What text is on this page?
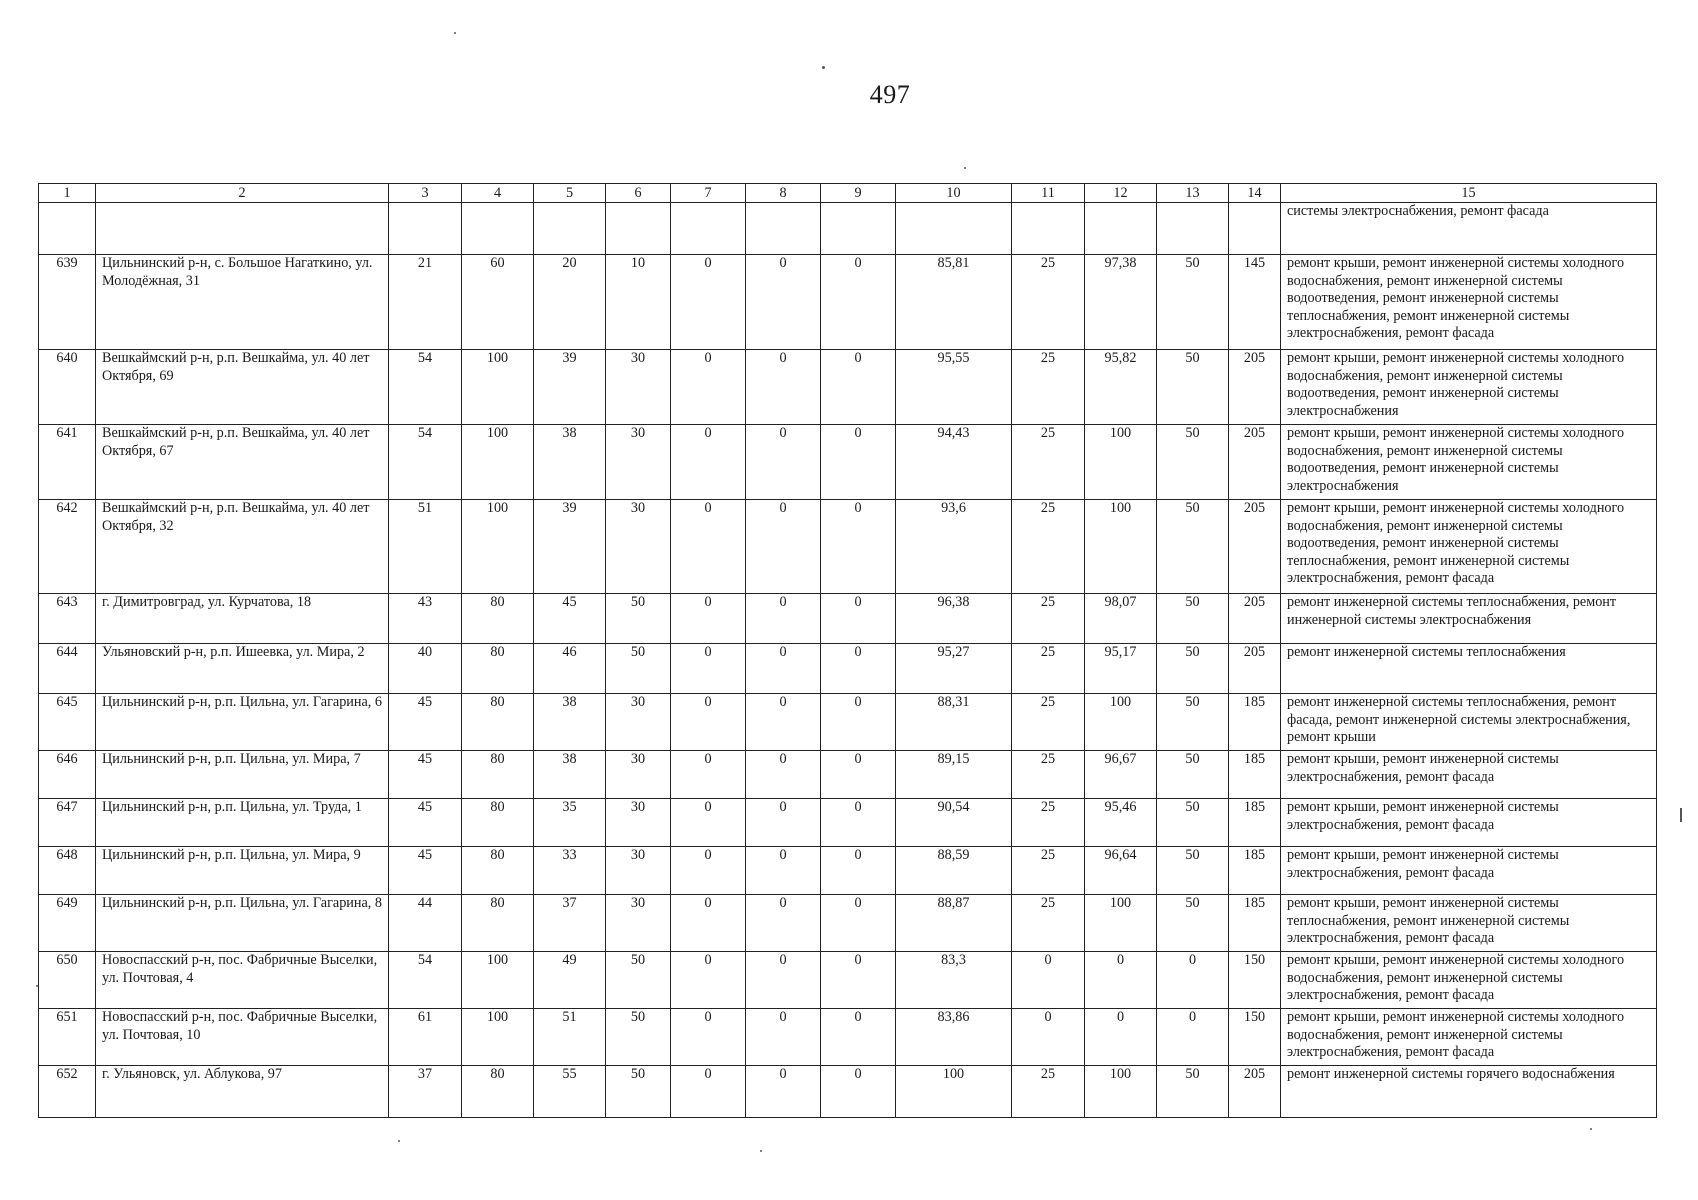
497
1	2	3	4	5	6	7	8	9	10	11	12	13	14	15
														системы электроснабжения, ремонт фасада
639	Цильнинский р-н, с. Большое Нагаткино, ул. Молодёжная, 31	21	60	20	10	0	0	0	85,81	25	97,38	50	145	ремонт крыши, ремонт инженерной системы холодного водоснабжения, ремонт инженерной системы водоотведения, ремонт инженерной системы теплоснабжения, ремонт инженерной системы электроснабжения, ремонт фасада
640	Вешкаймский р-н, р.п. Вешкайма, ул. 40 лет Октября, 69	54	100	39	30	0	0	0	95,55	25	95,82	50	205	ремонт крыши, ремонт инженерной системы холодного водоснабжения, ремонт инженерной системы водоотведения, ремонт инженерной системы электроснабжения
641	Вешкаймский р-н, р.п. Вешкайма, ул. 40 лет Октября, 67	54	100	38	30	0	0	0	94,43	25	100	50	205	ремонт крыши, ремонт инженерной системы холодного водоснабжения, ремонт инженерной системы водоотведения, ремонт инженерной системы электроснабжения
642	Вешкаймский р-н, р.п. Вешкайма, ул. 40 лет Октября, 32	51	100	39	30	0	0	0	93,6	25	100	50	205	ремонт крыши, ремонт инженерной системы холодного водоснабжения, ремонт инженерной системы водоотведения, ремонт инженерной системы теплоснабжения, ремонт инженерной системы электроснабжения, ремонт фасада
643	г. Димитровград, ул. Курчатова, 18	43	80	45	50	0	0	0	96,38	25	98,07	50	205	ремонт инженерной системы теплоснабжения, ремонт инженерной системы электроснабжения
644	Ульяновский р-н, р.п. Ишеевка, ул. Мира, 2	40	80	46	50	0	0	0	95,27	25	95,17	50	205	ремонт инженерной системы теплоснабжения
645	Цильнинский р-н, р.п. Цильна, ул. Гагарина, 6	45	80	38	30	0	0	0	88,31	25	100	50	185	ремонт инженерной системы теплоснабжения, ремонт фасада, ремонт инженерной системы электроснабжения, ремонт крыши
646	Цильнинский р-н, р.п. Цильна, ул. Мира, 7	45	80	38	30	0	0	0	89,15	25	96,67	50	185	ремонт крыши, ремонт инженерной системы электроснабжения, ремонт фасада
647	Цильнинский р-н, р.п. Цильна, ул. Труда, 1	45	80	35	30	0	0	0	90,54	25	95,46	50	185	ремонт крыши, ремонт инженерной системы электроснабжения, ремонт фасада
648	Цильнинский р-н, р.п. Цильна, ул. Мира, 9	45	80	33	30	0	0	0	88,59	25	96,64	50	185	ремонт крыши, ремонт инженерной системы электроснабжения, ремонт фасада
649	Цильнинский р-н, р.п. Цильна, ул. Гагарина, 8	44	80	37	30	0	0	0	88,87	25	100	50	185	ремонт крыши, ремонт инженерной системы теплоснабжения, ремонт инженерной системы электроснабжения, ремонт фасада
650	Новоспасский р-н, пос. Фабричные Выселки, ул. Почтовая, 4	54	100	49	50	0	0	0	83,3	0	0	0	150	ремонт крыши, ремонт инженерной системы холодного водоснабжения, ремонт инженерной системы электроснабжения, ремонт фасада
651	Новоспасский р-н, пос. Фабричные Выселки, ул. Почтовая, 10	61	100	51	50	0	0	0	83,86	0	0	0	150	ремонт крыши, ремонт инженерной системы холодного водоснабжения, ремонт инженерной системы электроснабжения, ремонт фасада
652	г. Ульяновск, ул. Аблукова, 97	37	80	55	50	0	0	0	100	25	100	50	205	ремонт инженерной системы горячего водоснабжения
